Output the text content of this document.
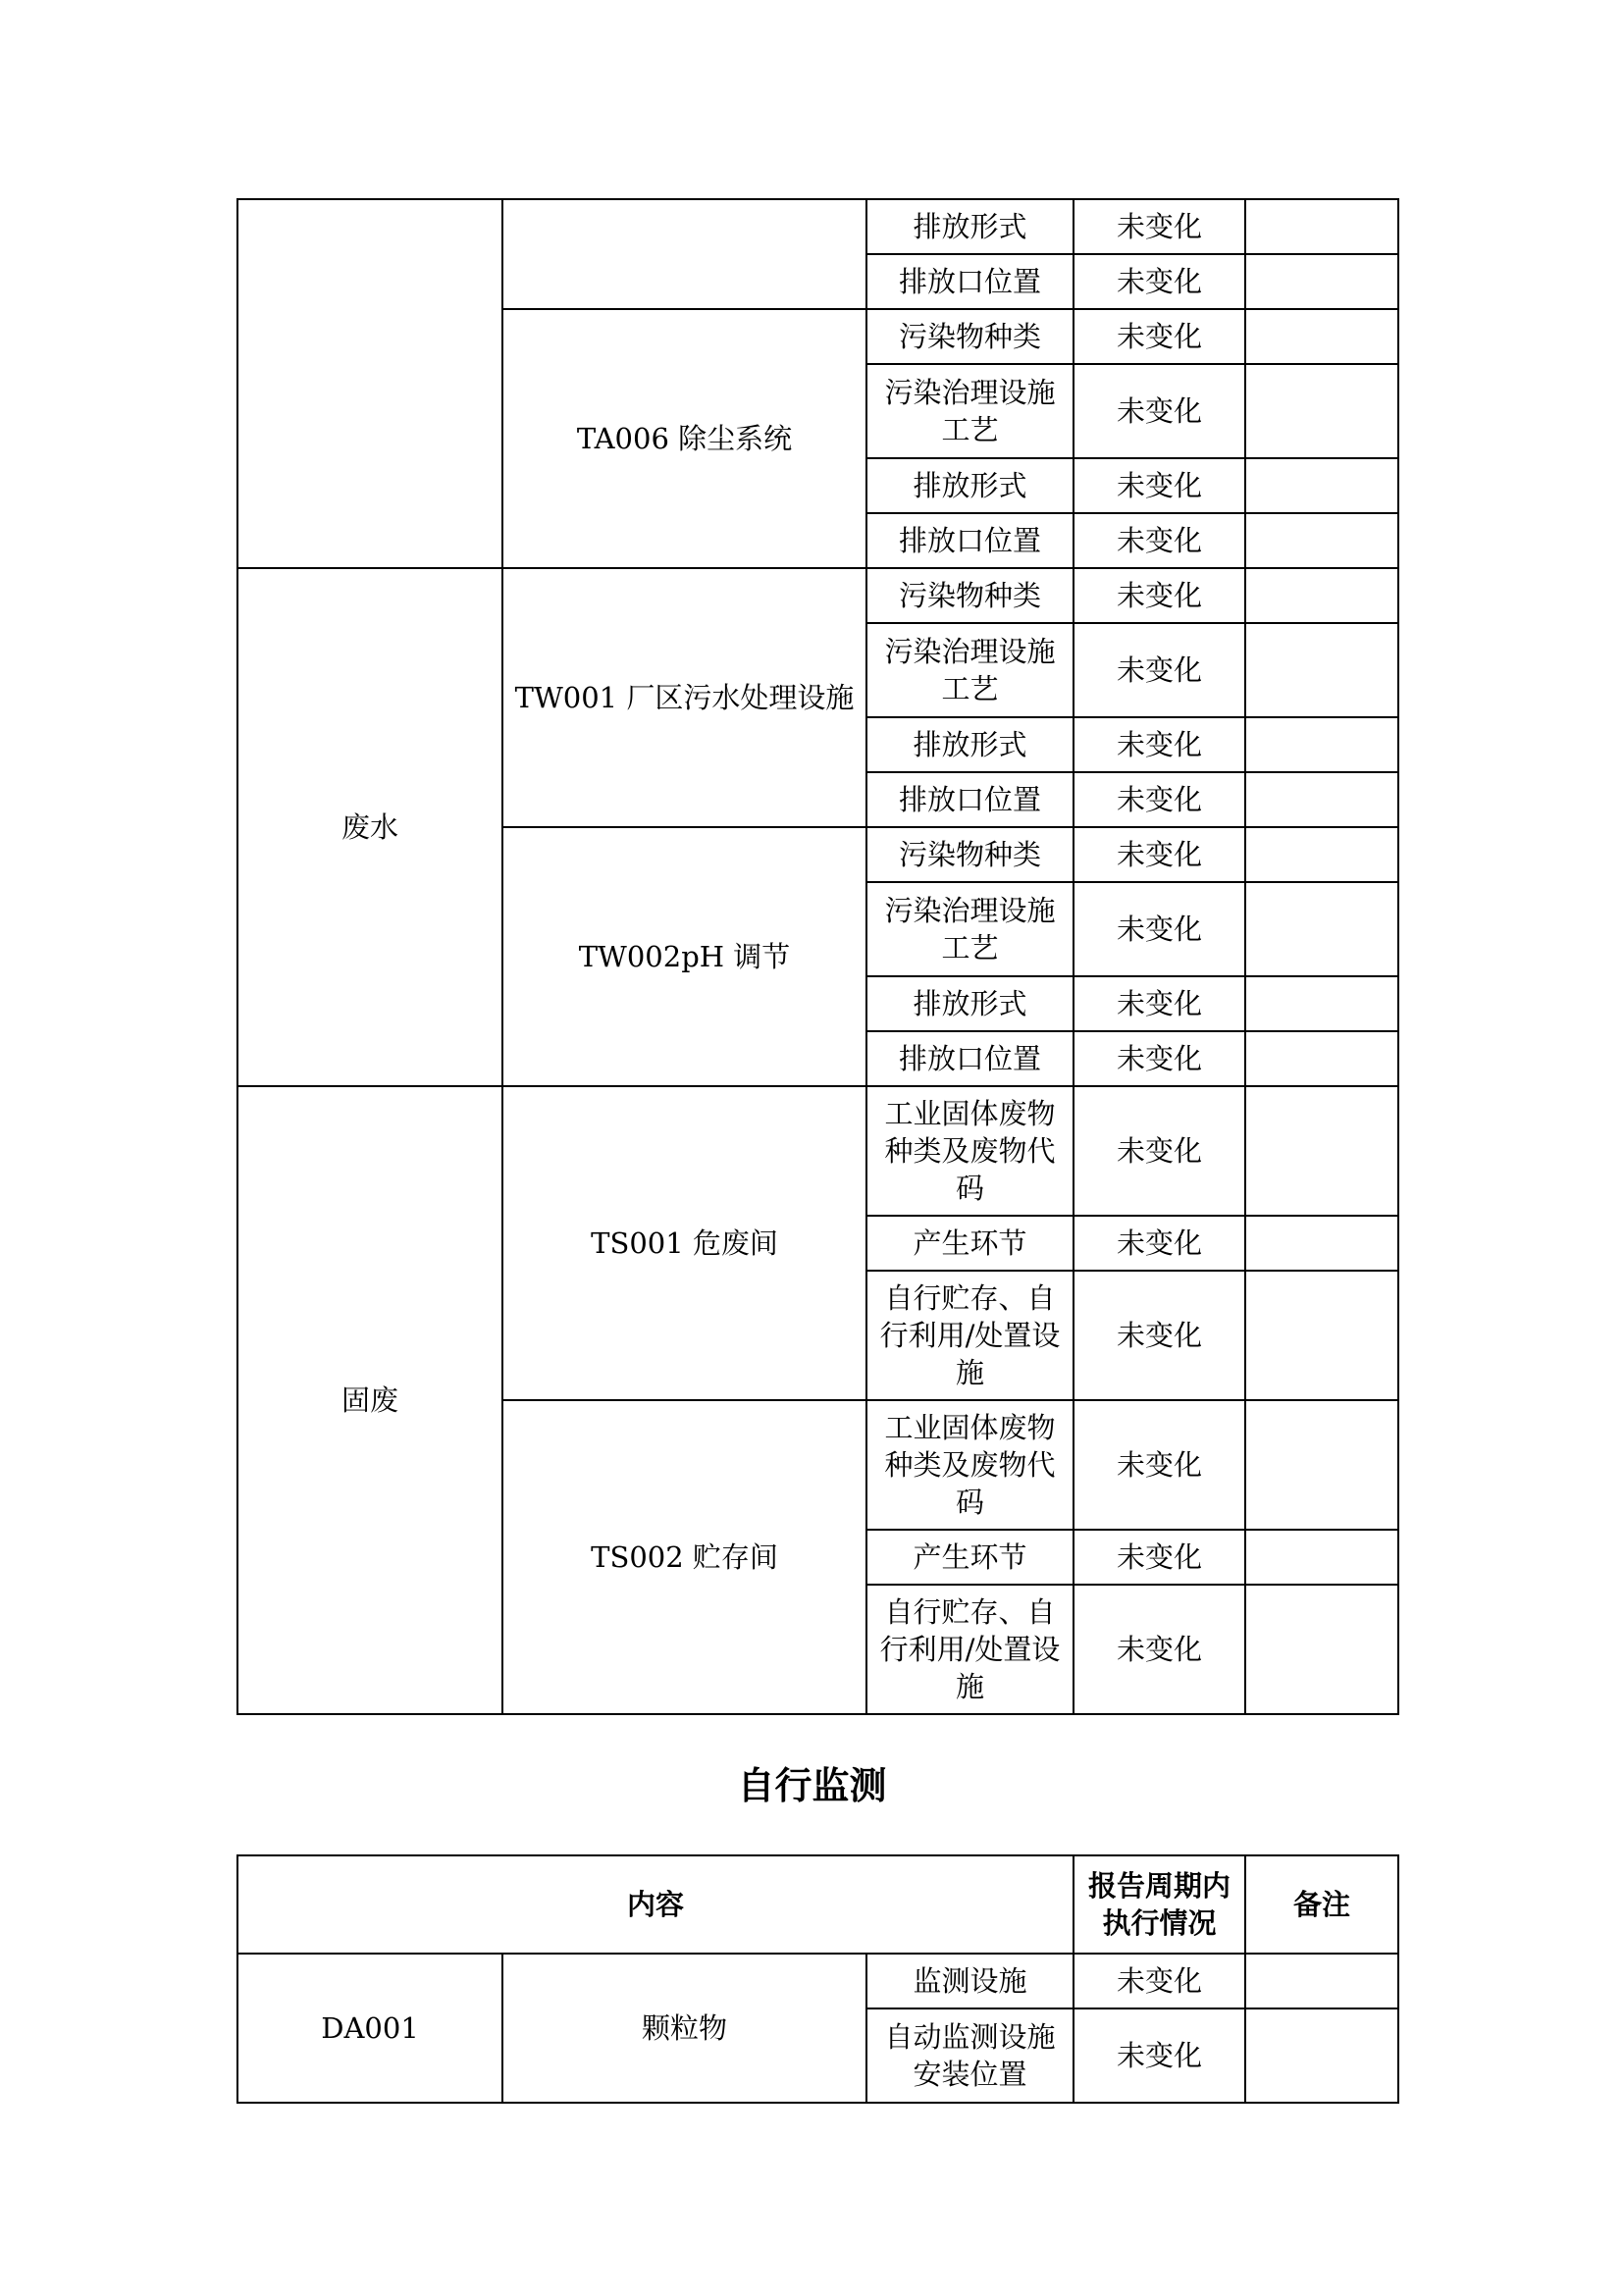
		排放形式	未变化	
		排放口位置	未变化	
	TA006 除尘系统	污染物种类	未变化	
		污染治理设施工艺	未变化	
		排放形式	未变化	
		排放口位置	未变化	
废水	TW001 厂区污水处理设施	污染物种类	未变化	
		污染治理设施工艺	未变化	
		排放形式	未变化	
		排放口位置	未变化	
	TW002pH 调节	污染物种类	未变化	
		污染治理设施工艺	未变化	
		排放形式	未变化	
		排放口位置	未变化	
固废	TS001 危废间	工业固体废物种类及废物代码	未变化	
		产生环节	未变化	
		自行贮存、自行利用/处置设施	未变化	
	TS002 贮存间	工业固体废物种类及废物代码	未变化	
		产生环节	未变化	
		自行贮存、自行利用/处置设施	未变化	
自行监测
内容			报告周期内执行情况	备注
DA001	颗粒物	监测设施	未变化	
		自动监测设施安装位置	未变化	
